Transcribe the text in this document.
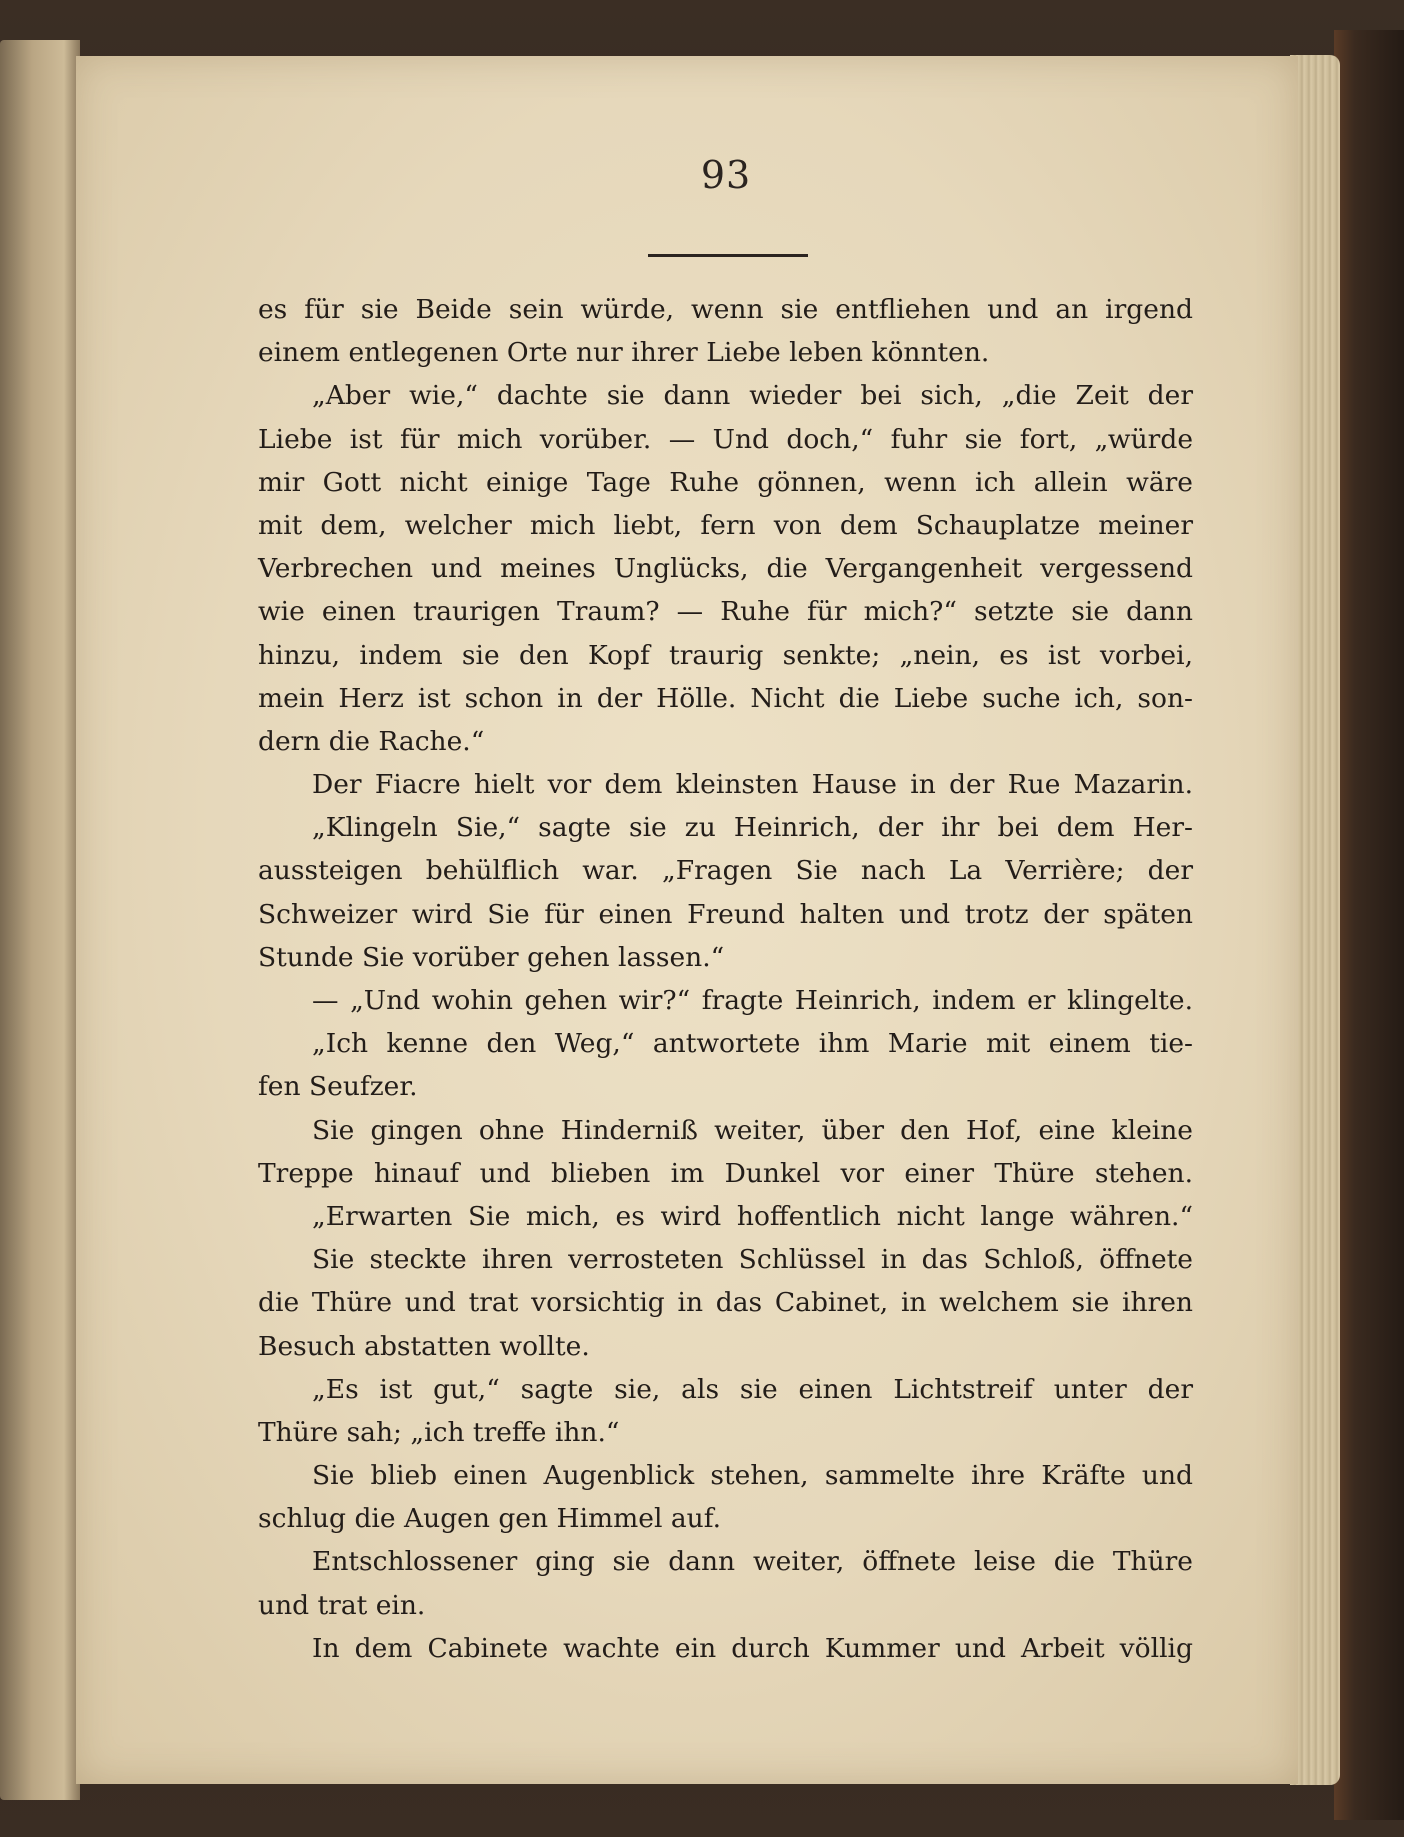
93
es für sie Beide sein würde, wenn sie entfliehen und an irgend
einem entlegenen Orte nur ihrer Liebe leben könnten.
„Aber wie,“ dachte sie dann wieder bei sich, „die Zeit der
Liebe ist für mich vorüber. — Und doch,“ fuhr sie fort, „würde
mir Gott nicht einige Tage Ruhe gönnen, wenn ich allein wäre
mit dem, welcher mich liebt, fern von dem Schauplatze meiner
Verbrechen und meines Unglücks, die Vergangenheit vergessend
wie einen traurigen Traum? — Ruhe für mich?“ setzte sie dann
hinzu, indem sie den Kopf traurig senkte; „nein, es ist vorbei,
mein Herz ist schon in der Hölle. Nicht die Liebe suche ich, son-
dern die Rache.“
Der Fiacre hielt vor dem kleinsten Hause in der Rue Mazarin.
„Klingeln Sie,“ sagte sie zu Heinrich, der ihr bei dem Her-
aussteigen behülflich war. „Fragen Sie nach La Verrière; der
Schweizer wird Sie für einen Freund halten und trotz der späten
Stunde Sie vorüber gehen lassen.“
— „Und wohin gehen wir?“ fragte Heinrich, indem er klingelte.
„Ich kenne den Weg,“ antwortete ihm Marie mit einem tie-
fen Seufzer.
Sie gingen ohne Hinderniß weiter, über den Hof, eine kleine
Treppe hinauf und blieben im Dunkel vor einer Thüre stehen.
„Erwarten Sie mich, es wird hoffentlich nicht lange währen.“
Sie steckte ihren verrosteten Schlüssel in das Schloß, öffnete
die Thüre und trat vorsichtig in das Cabinet, in welchem sie ihren
Besuch abstatten wollte.
„Es ist gut,“ sagte sie, als sie einen Lichtstreif unter der
Thüre sah; „ich treffe ihn.“
Sie blieb einen Augenblick stehen, sammelte ihre Kräfte und
schlug die Augen gen Himmel auf.
Entschlossener ging sie dann weiter, öffnete leise die Thüre
und trat ein.
In dem Cabinete wachte ein durch Kummer und Arbeit völlig
